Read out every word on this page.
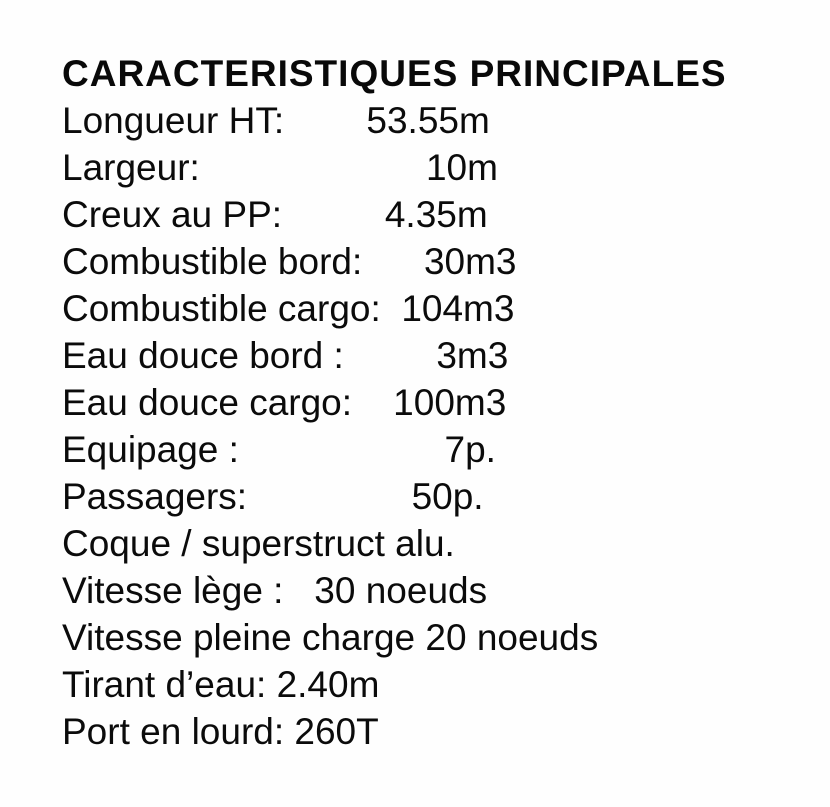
CARACTERISTIQUES PRINCIPALES
Longueur HT:        53.55m
Largeur:                      10m
Creux au PP:          4.35m
Combustible bord:      30m3
Combustible cargo:  104m3
Eau douce bord :         3m3
Eau douce cargo:    100m3
Equipage :                    7p.
Passagers:                50p.
Coque / superstruct alu.
Vitesse lège :   30 noeuds
Vitesse pleine charge 20 noeuds
Tirant d’eau: 2.40m
Port en lourd: 260T
